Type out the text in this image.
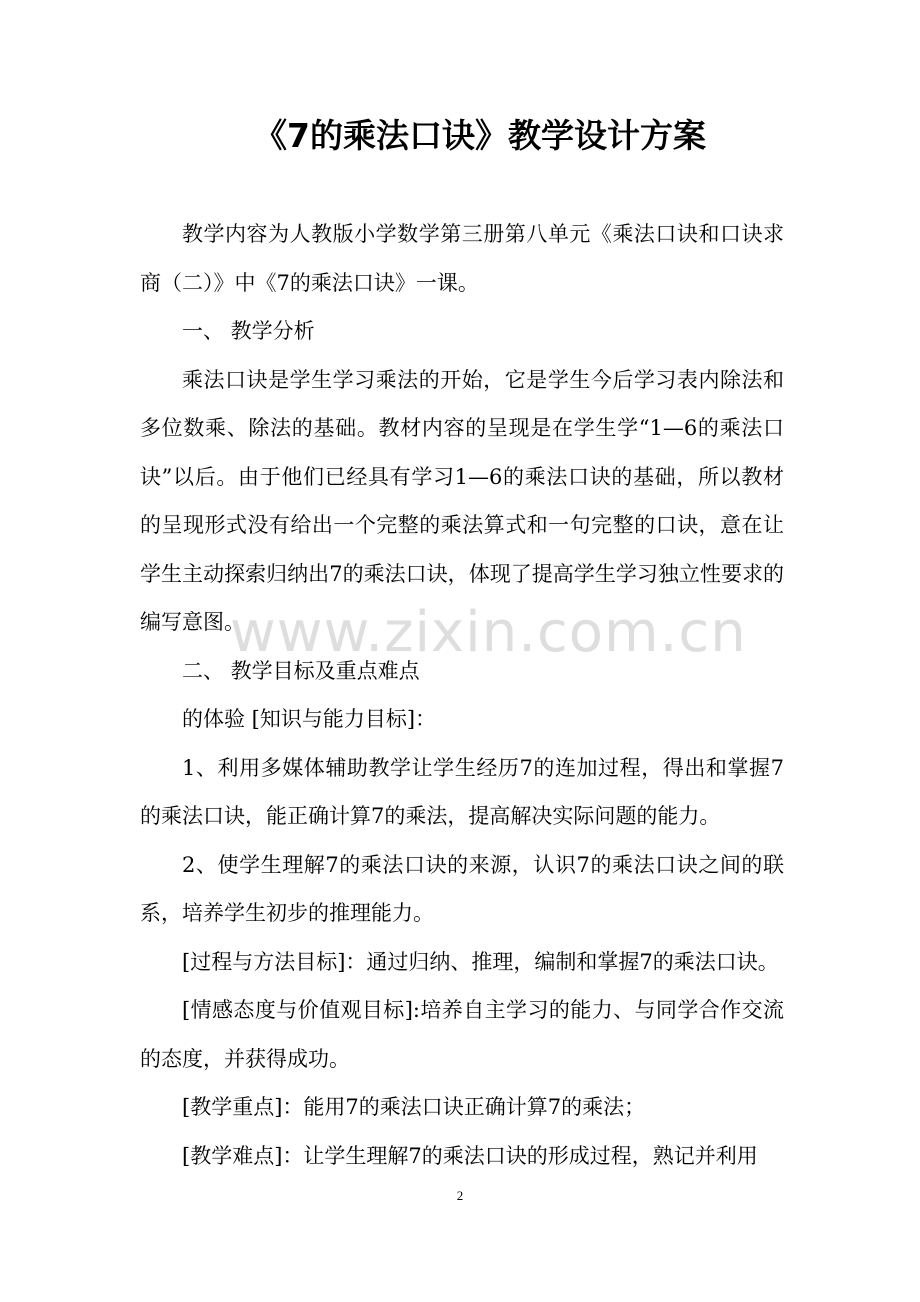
《7的乘法口诀》教学设计方案

教学内容为人教版小学数学第三册第八单元《乘法口诀和口诀求商（二）》中《7的乘法口诀》一课。

一、 教学分析

乘法口诀是学生学习乘法的开始，它是学生今后学习表内除法和多位数乘、除法的基础。教材内容的呈现是在学生学“1—6的乘法口诀”以后。由于他们已经具有学习1—6的乘法口诀的基础，所以教材的呈现形式没有给出一个完整的乘法算式和一句完整的口诀，意在让学生主动探索归纳出7的乘法口诀，体现了提高学生学习独立性要求的编写意图。

二、 教学目标及重点难点

的体验 [知识与能力目标]：

1、利用多媒体辅助教学让学生经历7的连加过程，得出和掌握7的乘法口诀，能正确计算7的乘法，提高解决实际问题的能力。

2、使学生理解7的乘法口诀的来源，认识7的乘法口诀之间的联系，培养学生初步的推理能力。

[过程与方法目标]：通过归纳、推理，编制和掌握7的乘法口诀。

[情感态度与价值观目标]:培养自主学习的能力、与同学合作交流的态度，并获得成功。

[教学重点]：能用7的乘法口诀正确计算7的乘法；

[教学难点]：让学生理解7的乘法口诀的形成过程，熟记并利用

www.zixin.com.cn
2
